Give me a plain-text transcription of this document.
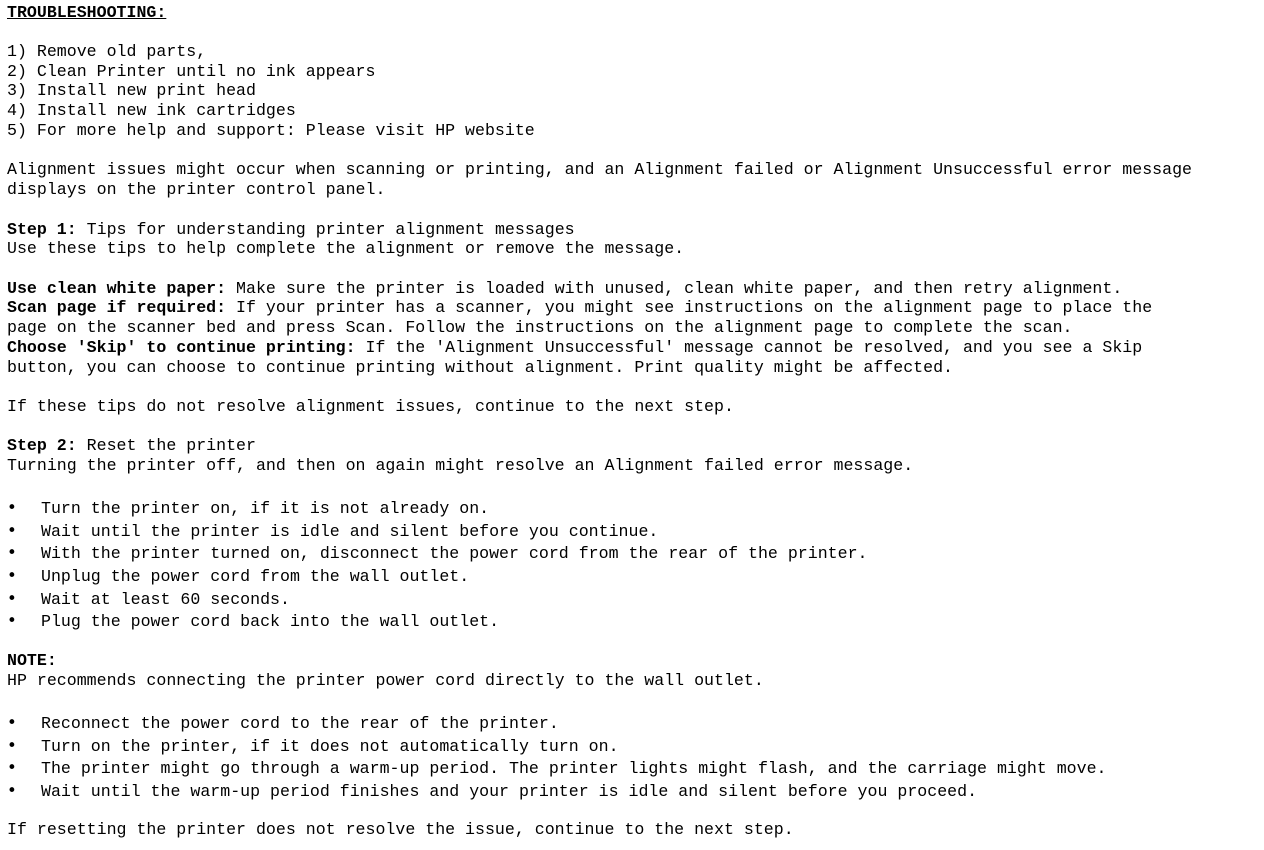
TROUBLESHOOTING:
1) Remove old parts,
2) Clean Printer until no ink appears
3) Install new print head
4) Install new ink cartridges
5) For more help and support: Please visit HP website
Alignment issues might occur when scanning or printing, and an Alignment failed or Alignment Unsuccessful error message
displays on the printer control panel.
Step 1: Tips for understanding printer alignment messages
Use these tips to help complete the alignment or remove the message.
Use clean white paper: Make sure the printer is loaded with unused, clean white paper, and then retry alignment.
Scan page if required: If your printer has a scanner, you might see instructions on the alignment page to place the
page on the scanner bed and press Scan. Follow the instructions on the alignment page to complete the scan.
Choose 'Skip' to continue printing: If the 'Alignment Unsuccessful' message cannot be resolved, and you see a Skip
button, you can choose to continue printing without alignment. Print quality might be affected.
If these tips do not resolve alignment issues, continue to the next step.
Step 2: Reset the printer
Turning the printer off, and then on again might resolve an Alignment failed error message.
• Turn the printer on, if it is not already on.
• Wait until the printer is idle and silent before you continue.
• With the printer turned on, disconnect the power cord from the rear of the printer.
• Unplug the power cord from the wall outlet.
• Wait at least 60 seconds.
• Plug the power cord back into the wall outlet.
NOTE:
HP recommends connecting the printer power cord directly to the wall outlet.
• Reconnect the power cord to the rear of the printer.
• Turn on the printer, if it does not automatically turn on.
• The printer might go through a warm-up period. The printer lights might flash, and the carriage might move.
• Wait until the warm-up period finishes and your printer is idle and silent before you proceed.
If resetting the printer does not resolve the issue, continue to the next step.
